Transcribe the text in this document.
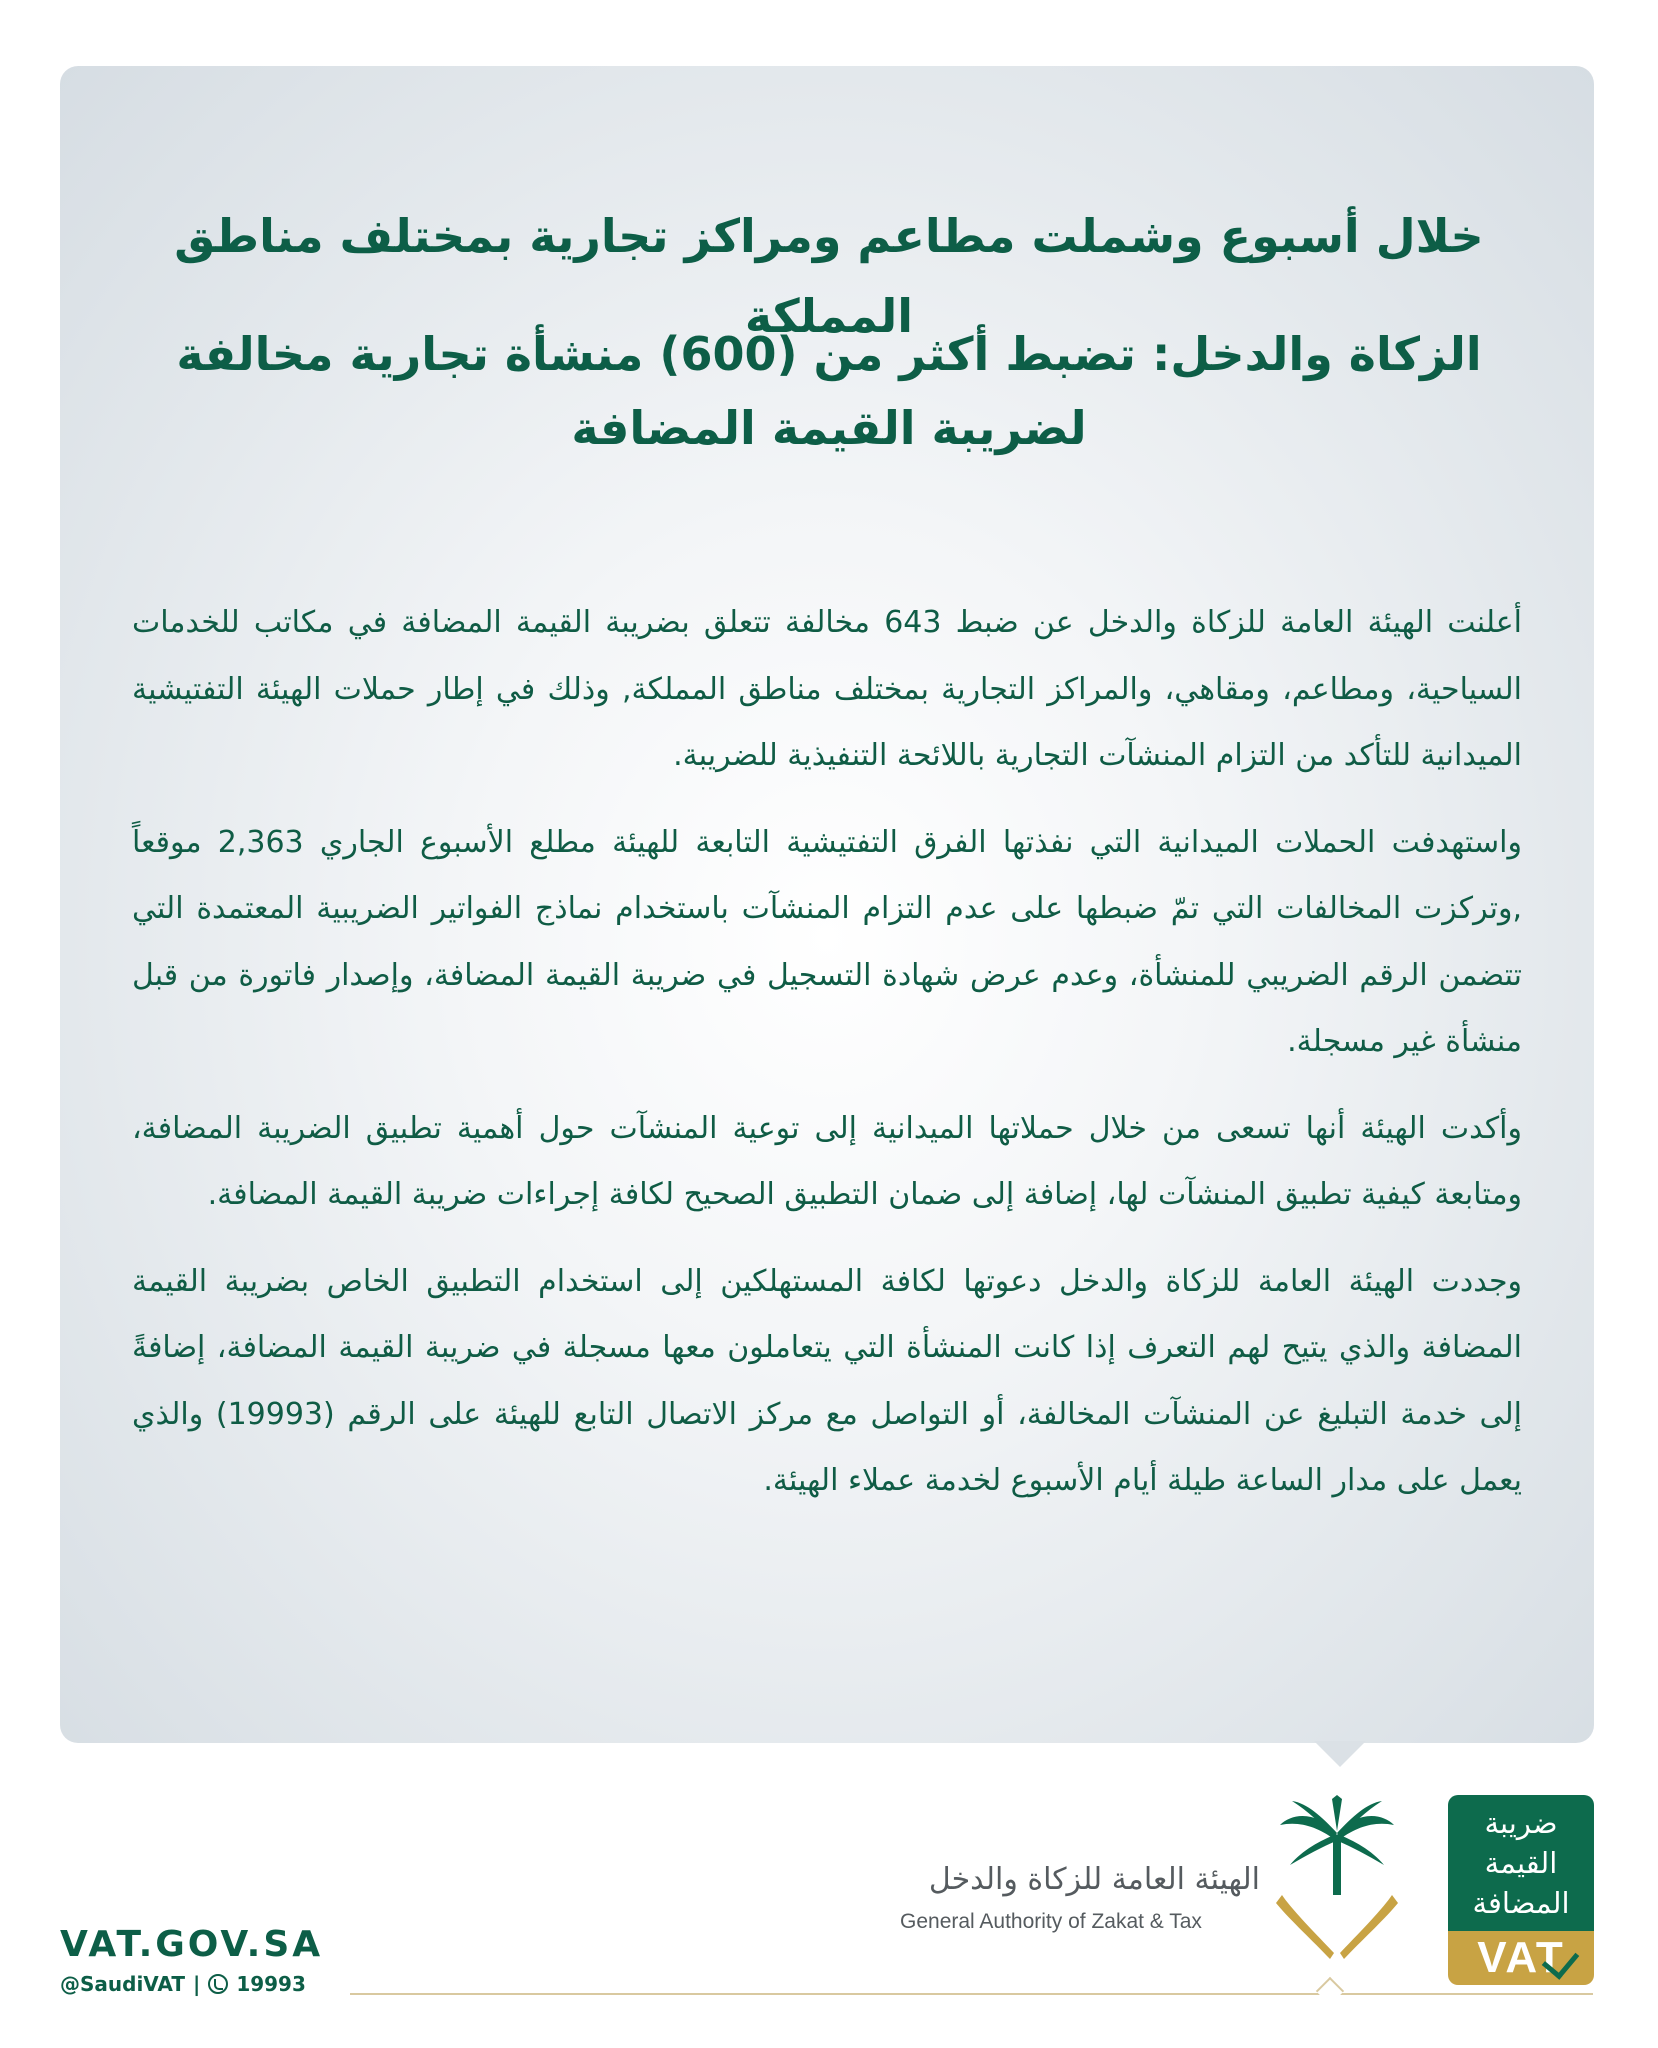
خلال أسبوع وشملت مطاعم ومراكز تجارية بمختلف مناطق المملكة
الزكاة والدخل: تضبط أكثر من (600) منشأة تجارية مخالفة
لضريبة القيمة المضافة

أعلنت الهيئة العامة للزكاة والدخل عن ضبط 643 مخالفة تتعلق بضريبة القيمة المضافة في مكاتب للخدمات السياحية، ومطاعم، ومقاهي، والمراكز التجارية بمختلف مناطق المملكة, وذلك في إطار حملات الهيئة التفتيشية الميدانية للتأكد من التزام المنشآت التجارية باللائحة التنفيذية للضريبة.

واستهدفت الحملات الميدانية التي نفذتها الفرق التفتيشية التابعة للهيئة مطلع الأسبوع الجاري 2,363 موقعاً ,وتركزت المخالفات التي تمّ ضبطها على عدم التزام المنشآت باستخدام نماذج الفواتير الضريبية المعتمدة التي تتضمن الرقم الضريبي للمنشأة، وعدم عرض شهادة التسجيل في ضريبة القيمة المضافة، وإصدار فاتورة من قبل منشأة غير مسجلة.

وأكدت الهيئة أنها تسعى من خلال حملاتها الميدانية إلى توعية المنشآت حول أهمية تطبيق الضريبة المضافة، ومتابعة كيفية تطبيق المنشآت لها، إضافة إلى ضمان التطبيق الصحيح لكافة إجراءات ضريبة القيمة المضافة.

وجددت الهيئة العامة للزكاة والدخل دعوتها لكافة المستهلكين إلى استخدام التطبيق الخاص بضريبة القيمة المضافة والذي يتيح لهم التعرف إذا كانت المنشأة التي يتعاملون معها مسجلة في ضريبة القيمة المضافة، إضافةً إلى خدمة التبليغ عن المنشآت المخالفة، أو التواصل مع مركز الاتصال التابع للهيئة على الرقم (19993) والذي يعمل على مدار الساعة طيلة أيام الأسبوع لخدمة عملاء الهيئة.

VAT.GOV.SA
@SaudiVAT | 19993
الهيئة العامة للزكاة والدخل
General Authority of Zakat & Tax
ضريبة
القيمة
المضافة
VAT
